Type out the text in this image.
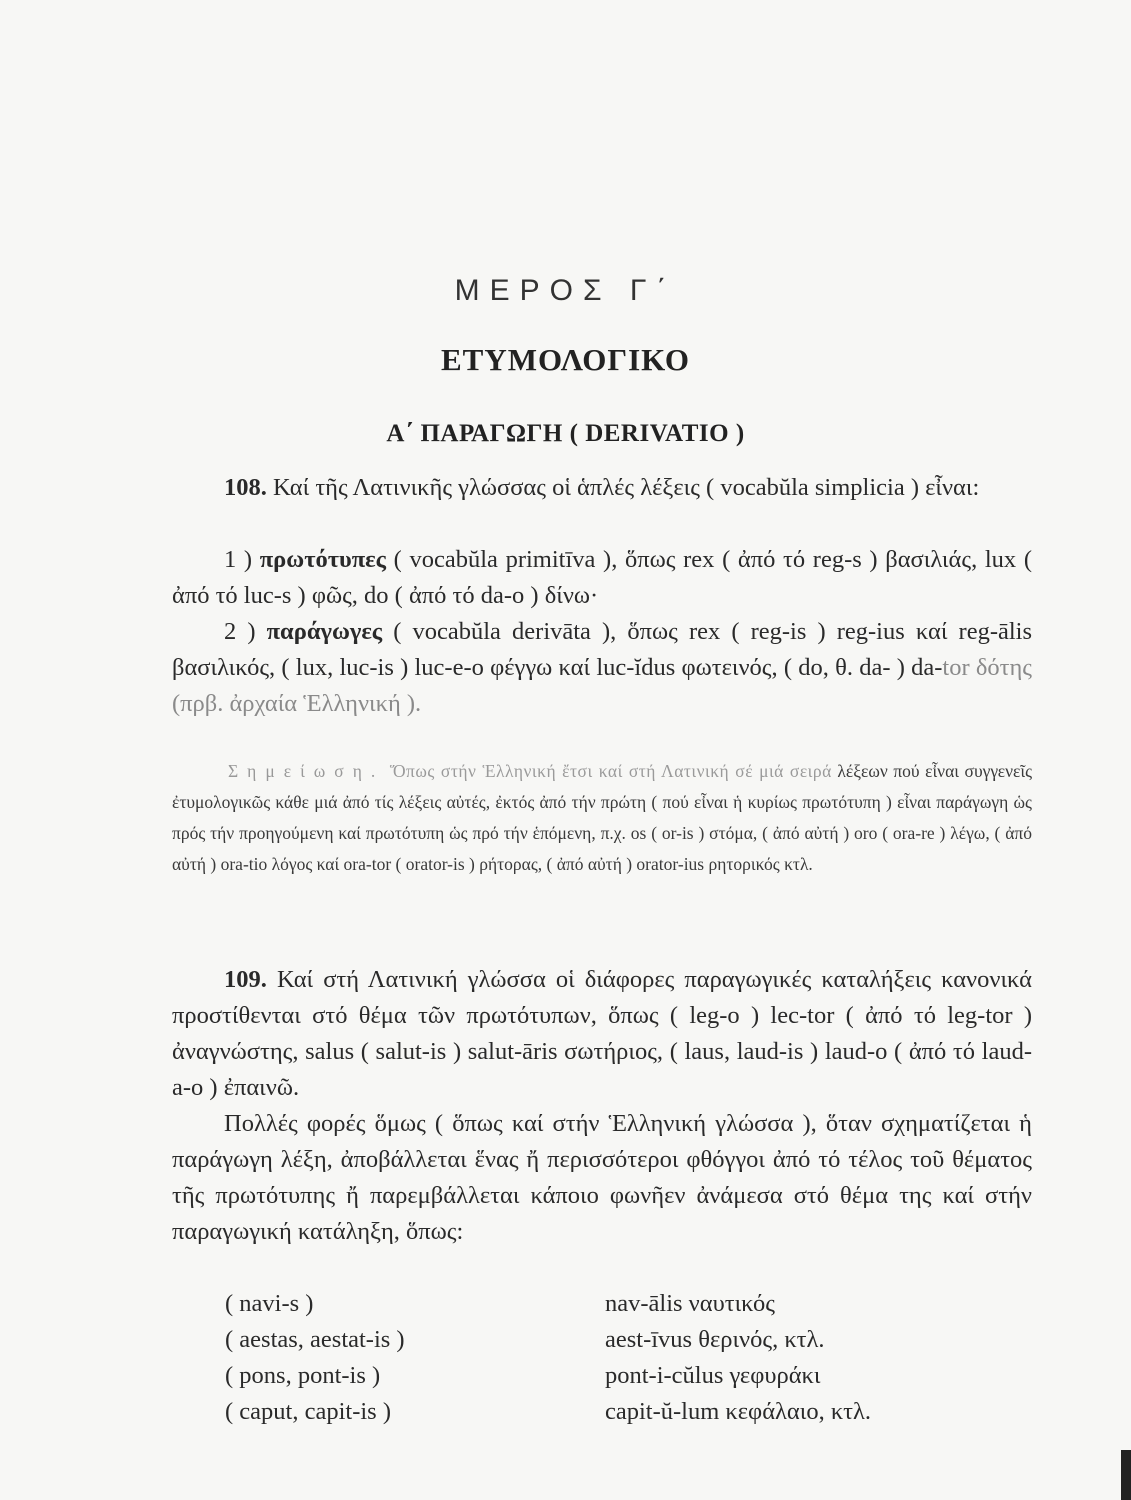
ΜΕΡΟΣ Γ΄
ΕΤΥΜΟΛΟΓΙΚΟ
Α΄ ΠΑΡΑΓΩΓΗ ( DERIVATIO )
108. Καί τῆς Λατινικῆς γλώσσας οἱ ἁπλές λέξεις ( vocabŭla simplicia ) εἶναι:
1 ) πρωτότυπες ( vocabŭla primitīva ), ὅπως rex ( ἀπό τό reg-s ) βασιλιάς, lux ( ἀπό τό luc-s ) φῶς, do ( ἀπό τό da-o ) δίνω·
2 ) παράγωγες ( vocabŭla derivāta ), ὅπως rex ( reg-is ) reg-ius καί reg-ālis βασιλικός, ( lux, luc-is ) luc-e-o φέγγω καί luc-ĭdus φωτεινός, ( do, θ. da- ) da-tor δότης (πρβ. ἀρχαία Ἑλληνική ).
Σημείωση. Ὅπως στήν Ἑλληνική ἔτσι καί στή Λατινική σέ μιά σειρά λέξεων πού εἶναι συγγενεῖς ἐτυμολογικῶς κάθε μιά ἀπό τίς λέξεις αὐτές, ἐκτός ἀπό τήν πρώτη ( πού εἶναι ἡ κυρίως πρωτότυπη ) εἶναι παράγωγη ὡς πρός τήν προηγούμενη καί πρωτότυπη ὡς πρό τήν ἑπόμενη, π.χ. os ( or-is ) στόμα, ( ἀπό αὐτή ) oro ( ora-re ) λέγω, ( ἀπό αὐτή ) ora-tio λόγος καί ora-tor ( orator-is ) ρήτορας, ( ἀπό αὐτή ) orator-ius ρητορικός κτλ.
109. Καί στή Λατινική γλώσσα οἱ διάφορες παραγωγικές καταλήξεις κανονικά προστίθενται στό θέμα τῶν πρωτότυπων, ὅπως ( leg-o ) lec-tor ( ἀπό τό leg-tor ) ἀναγνώστης, salus ( salut-is ) salut-āris σωτήριος, ( laus, laud-is ) laud-o ( ἀπό τό laud-a-o ) ἐπαινῶ.
Πολλές φορές ὅμως ( ὅπως καί στήν Ἑλληνική γλώσσα ), ὅταν σχηματίζεται ἡ παράγωγη λέξη, ἀποβάλλεται ἕνας ἤ περισσότεροι φθόγγοι ἀπό τό τέλος τοῦ θέματος τῆς πρωτότυπης ἤ παρεμβάλλεται κάποιο φωνῆεν ἀνάμεσα στό θέμα της καί στήν παραγωγική κατάληξη, ὅπως:
( navi-s )	nav-ālis ναυτικός
( aestas, aestat-is )	aest-īvus θερινός, κτλ.
( pons, pont-is )	pont-i-cŭlus γεφυράκι
( caput, capit-is )	capit-ŭ-lum κεφάλαιο, κτλ.
